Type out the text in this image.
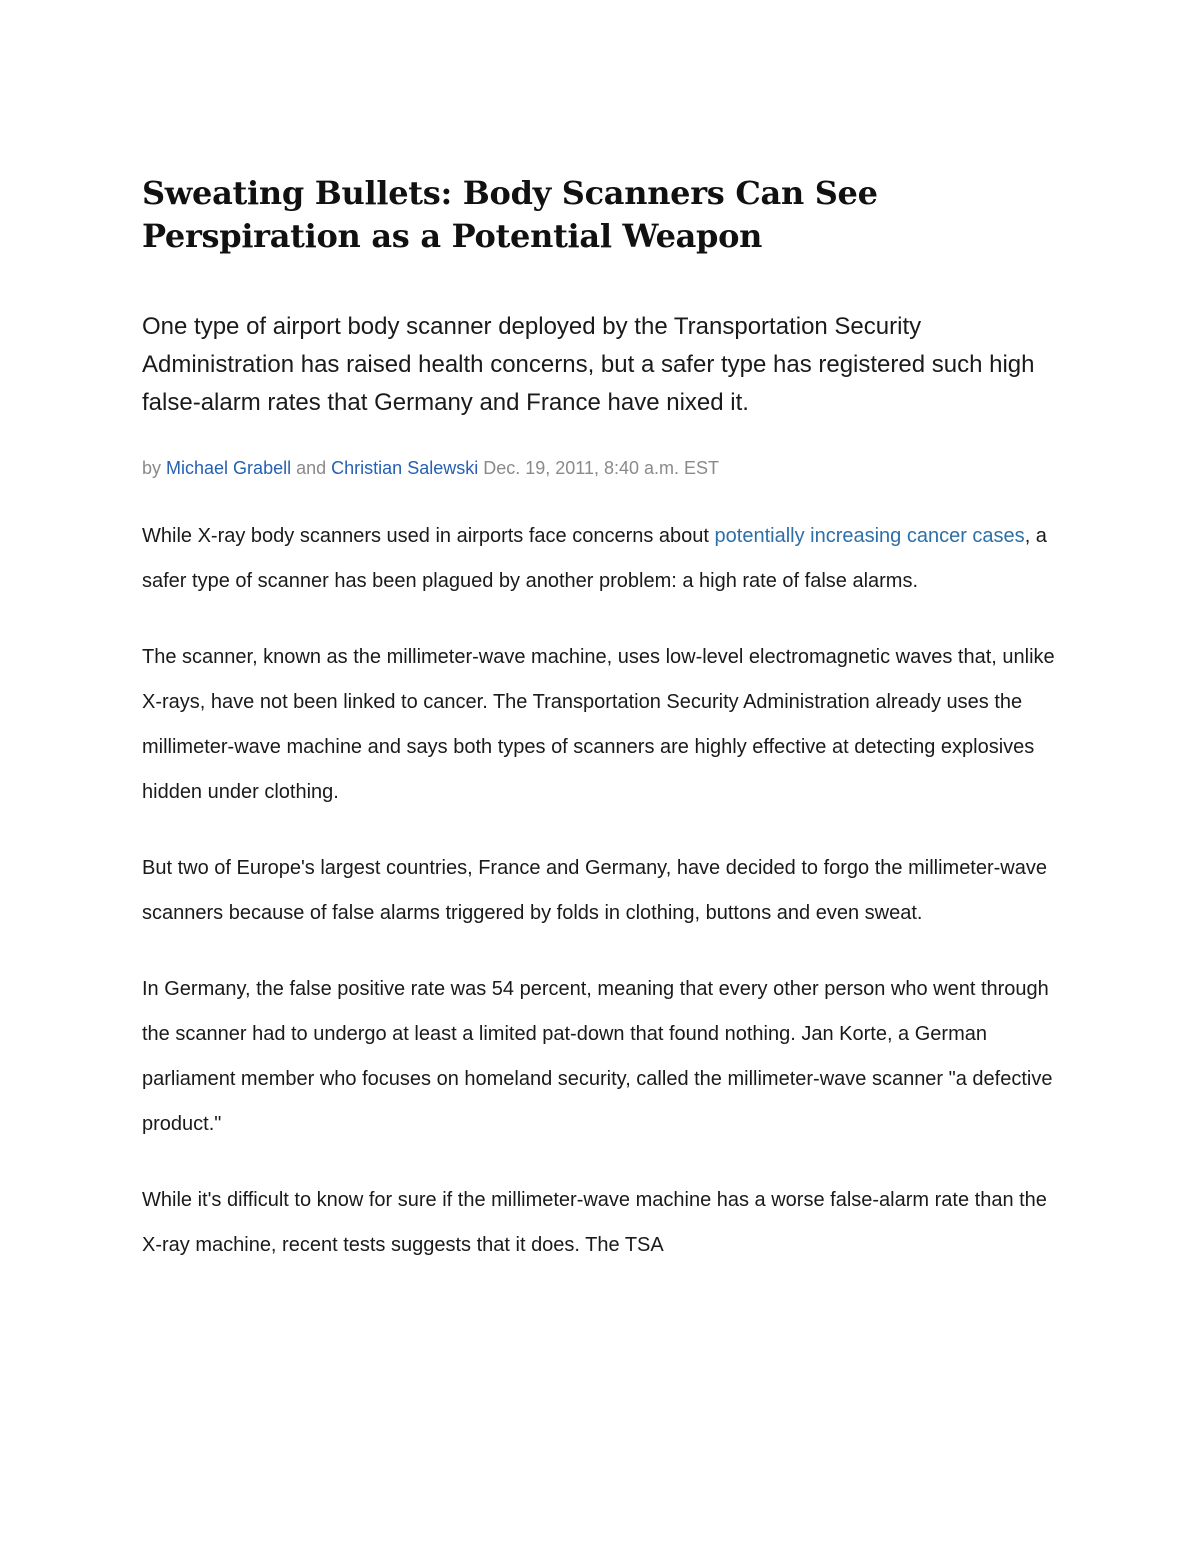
Sweating Bullets: Body Scanners Can See Perspiration as a Potential Weapon

One type of airport body scanner deployed by the Transportation Security Administration has raised health concerns, but a safer type has registered such high false-alarm rates that Germany and France have nixed it.

by Michael Grabell and Christian Salewski Dec. 19, 2011, 8:40 a.m. EST

While X-ray body scanners used in airports face concerns about potentially increasing cancer cases, a safer type of scanner has been plagued by another problem: a high rate of false alarms.

The scanner, known as the millimeter-wave machine, uses low-level electromagnetic waves that, unlike X-rays, have not been linked to cancer. The Transportation Security Administration already uses the millimeter-wave machine and says both types of scanners are highly effective at detecting explosives hidden under clothing.

But two of Europe's largest countries, France and Germany, have decided to forgo the millimeter-wave scanners because of false alarms triggered by folds in clothing, buttons and even sweat.

In Germany, the false positive rate was 54 percent, meaning that every other person who went through the scanner had to undergo at least a limited pat-down that found nothing. Jan Korte, a German parliament member who focuses on homeland security, called the millimeter-wave scanner "a defective product."

While it's difficult to know for sure if the millimeter-wave machine has a worse false-alarm rate than the X-ray machine, recent tests suggests that it does. The TSA
